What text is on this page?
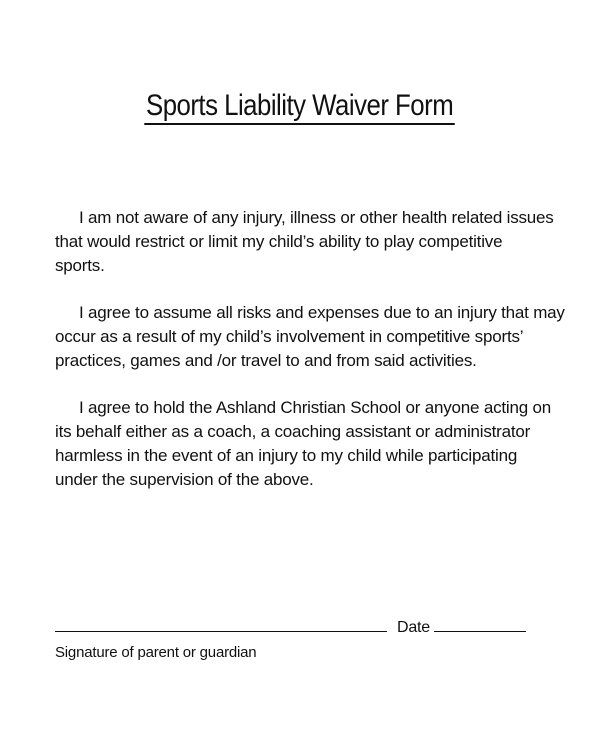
Sports Liability Waiver Form

I am not aware of any injury, illness or other health related issues
that would restrict or limit my child’s ability to play competitive
sports.

I agree to assume all risks and expenses due to an injury that may
occur as a result of my child’s involvement in competitive sports’
practices, games and /or travel to and from said activities.

I agree to hold the Ashland Christian School or anyone acting on
its behalf either as a coach, a coaching assistant or administrator
harmless in the event of an injury to my child while participating
under the supervision of the above.

Date
Signature of parent or guardian
